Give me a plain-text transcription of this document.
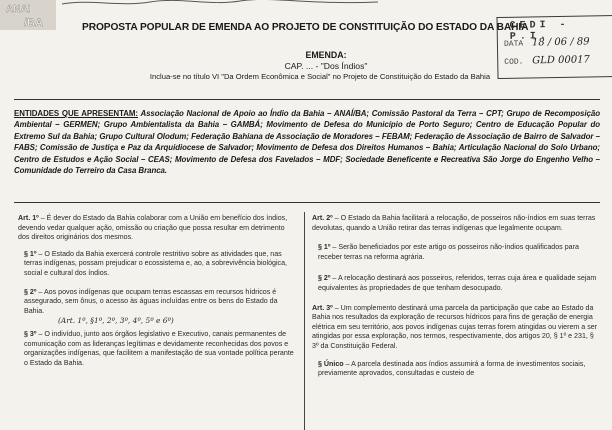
ANAI
/BA	PROPOSTA POPULAR DE EMENDA AO PROJETO DE CONSTITUIÇÃO DO ESTADO DA BAHIA
CEDI - P.I.
DATA 18 / 06 / 89
COD. GLD 00017
EMENDA:
CAP. ... - "Dos Índios"
Inclua-se no título VI "Da Ordem Econômica e Social" no Projeto de Constituição do Estado da Bahia
ENTIDADES QUE APRESENTAM: Associação Nacional de Apoio ao Índio da Bahia – ANAÍ/BA; Comissão Pastoral da Terra – CPT; Grupo de Recomposição Ambiental – GERMEN; Grupo Ambientalista da Bahia – GAMBÁ; Movimento de Defesa do Município de Porto Seguro; Centro de Educação Popular do Extremo Sul da Bahia; Grupo Cultural Olodum; Federação Bahiana de Associação de Moradores – FEBAM; Federação de Associação de Bairro de Salvador – FABS; Comissão de Justiça e Paz da Arquidiocese de Salvador; Movimento de Defesa dos Direitos Humanos – Bahia; Articulação Nacional do Solo Urbano; Centro de Estudos e Ação Social – CEAS; Movimento de Defesa dos Favelados – MDF; Sociedade Beneficente e Recreativa São Jorge do Engenho Velho – Comunidade do Terreiro da Casa Branca.

Art. 1º – É dever do Estado da Bahia colaborar com a União em benefício dos índios, devendo vedar qualquer ação, omissão ou criação que possa resultar em detrimento dos direitos originários dos mesmos.

§ 1º – O Estado da Bahia exercerá controle restritivo sobre as atividades que, nas terras indígenas, possam prejudicar o ecossistema e, ao, a sobrevivência biológica, social e cultural dos índios.

§ 2º – Aos povos indígenas que ocupam terras escassas em recursos hídricos é assegurado, sem ônus, o acesso às águas incluídas entre os bens do Estado da Bahia.

(Art. 1º, §1º, 2º, 3º, 4º, 5º e 6º)

§ 3º – O indivíduo, junto aos órgãos legislativo e Executivo, canais permanentes de comunicação com as lideranças legítimas e devidamente reconhecidas dos povos e organizações indígenas, que facilitem a manifestação de sua vontade política perante o Estado da Bahia.

Art. 2º – O Estado da Bahia facilitará a relocação, de posseiros não-índios em suas terras devolutas, quando a União retirar das terras indígenas que legalmente ocupam.

§ 1º – Serão beneficiados por este artigo os posseiros não-índios qualificados para receber terras na reforma agrária.

§ 2º – A relocação destinará aos posseiros, referidos, terras cuja área e qualidade sejam equivalentes às propriedades de que tenham desocupado.

Art. 3º – Um complemento destinará uma parcela da participação que cabe ao Estado da Bahia nos resultados da exploração de recursos hídricos para fins de geração de energia elétrica em seu território, aos povos indígenas cujas terras forem atingidas ou vierem a ser atingidas por essa exploração, nos termos, respectivamente, dos artigos 20, § 1º e 231, § 3º da Constituição Federal.

§ Único – A parcela destinada aos índios assumirá a forma de investimentos sociais, previamente aprovados, consultadas e custeio de
